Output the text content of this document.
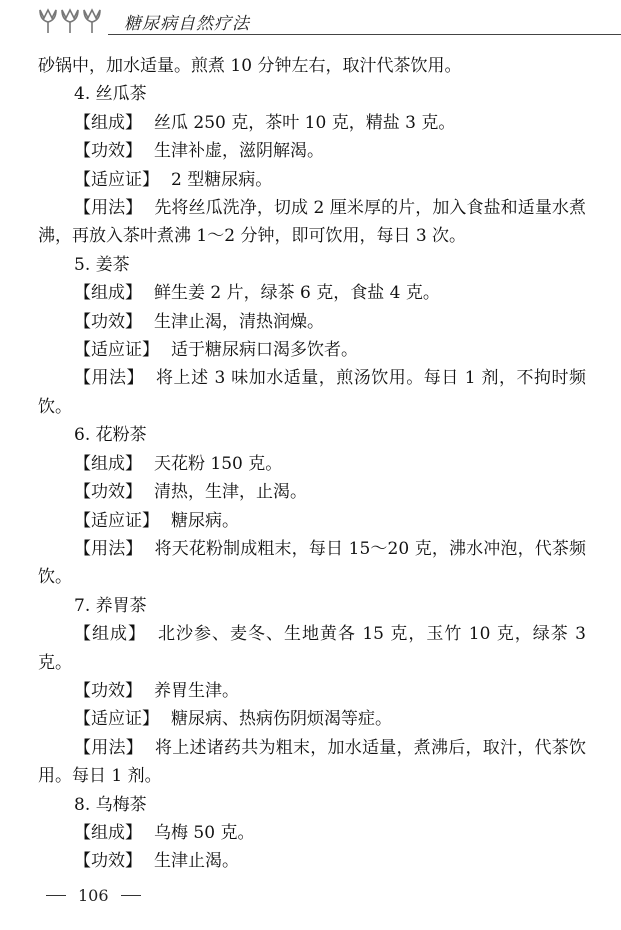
糖尿病自然疗法

砂锅中，加水适量。煎煮 10 分钟左右，取汁代茶饮用。

4. 丝瓜茶

【组成】 丝瓜 250 克，茶叶 10 克，精盐 3 克。

【功效】 生津补虚，滋阴解渴。

【适应证】 2 型糖尿病。

【用法】 先将丝瓜洗净，切成 2 厘米厚的片，加入食盐和适量水煮沸，再放入茶叶煮沸 1～2 分钟，即可饮用，每日 3 次。

5. 姜茶

【组成】 鲜生姜 2 片，绿茶 6 克，食盐 4 克。

【功效】 生津止渴，清热润燥。

【适应证】 适于糖尿病口渴多饮者。

【用法】 将上述 3 味加水适量，煎汤饮用。每日 1 剂，不拘时频饮。

6. 花粉茶

【组成】 天花粉 150 克。

【功效】 清热，生津，止渴。

【适应证】 糖尿病。

【用法】 将天花粉制成粗末，每日 15～20 克，沸水冲泡，代茶频饮。

7. 养胃茶

【组成】 北沙参、麦冬、生地黄各 15 克，玉竹 10 克，绿茶 3 克。

【功效】 养胃生津。

【适应证】 糖尿病、热病伤阴烦渴等症。

【用法】 将上述诸药共为粗末，加水适量，煮沸后，取汁，代茶饮用。每日 1 剂。

8. 乌梅茶

【组成】 乌梅 50 克。

【功效】 生津止渴。

106
